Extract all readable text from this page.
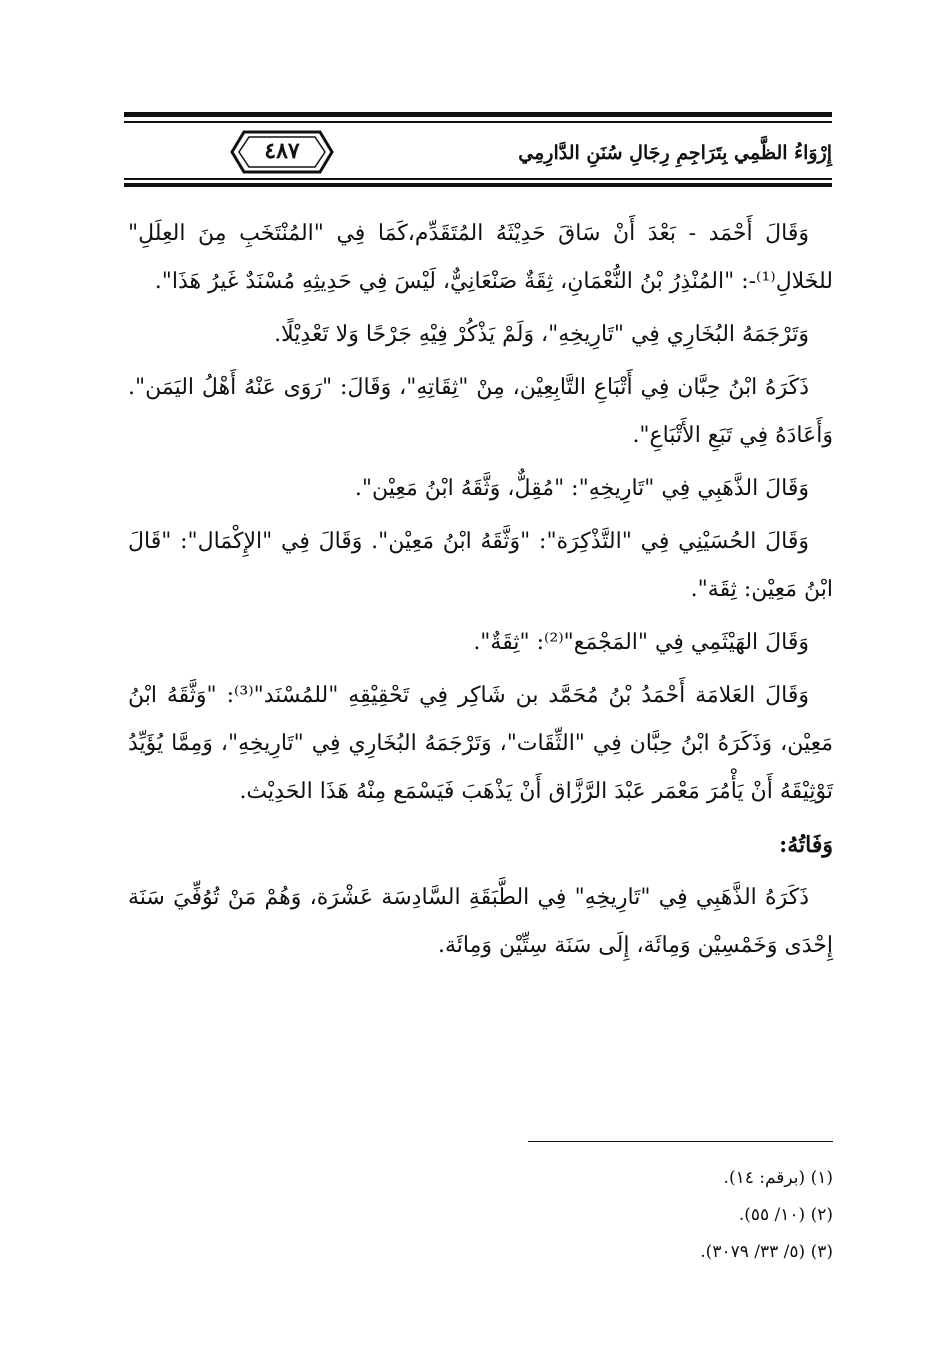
إِرْوَاءُ الظَّمِي بِتَرَاجِمِ رِجَالِ سُنَنِ الدَّارِمِي
٤٨٧

وَقَالَ أَحْمَد - بَعْدَ أَنْ سَاقَ حَدِيْثَهُ المُتَقَدِّم،كَمَا فِي "المُنْتَخَبِ مِنَ العِلَلِ" للخَلالِ⁽¹⁾-: "المُنْذِرُ بْنُ النُّعْمَانِ، ثِقَةٌ صَنْعَانِيٌّ، لَيْسَ فِي حَدِيثِهِ مُسْنَدٌ غَيرُ هَذَا".

وَتَرْجَمَهُ البُخَارِي فِي "تَارِيخِهِ"، وَلَمْ يَذْكُرْ فِيْهِ جَرْحًا وَلا تَعْدِيْلًا.

ذَكَرَهُ ابْنُ حِبَّان فِي أَتْبَاعِ التَّابِعِيْن، مِنْ "ثِقَاتِهِ"، وَقَالَ: "رَوَى عَنْهُ أَهْلُ اليَمَن". وَأَعَادَهُ فِي تَبَعِ الأَتْبَاعِ".

وَقَالَ الذَّهَبِي فِي "تَارِيخِهِ": "مُقِلٌّ، وَثَّقَهُ ابْنُ مَعِيْن".

وَقَالَ الحُسَيْنِي فِي "التَّذْكِرَة": "وَثَّقَهُ ابْنُ مَعِيْن". وَقَالَ فِي "الإِكْمَال": "قَالَ ابْنُ مَعِيْن: ثِقَة".

وَقَالَ الهَيْثَمِي فِي "المَجْمَع"⁽²⁾: "ثِقَةٌ".

وَقَالَ العَلامَة أَحْمَدُ بْنُ مُحَمَّد بن شَاكِر فِي تَحْقِيْقِهِ "للمُسْنَد"⁽³⁾: "وَثَّقَهُ ابْنُ مَعِيْن، وَذَكَرَهُ ابْنُ حِبَّان فِي "الثِّقَات"، وَتَرْجَمَهُ البُخَارِي فِي "تَارِيخِهِ"، وَمِمَّا يُؤَيِّدُ تَوْثِيْقَهُ أَنْ يَأْمُرَ مَعْمَر عَبْدَ الرَّزَّاق أَنْ يَذْهَبَ فَيَسْمَع مِنْهُ هَذَا الحَدِيْث.

وَفَاتُهُ:

ذَكَرَهُ الذَّهَبِي فِي "تَارِيخِهِ" فِي الطَّبَقَةِ السَّادِسَة عَشْرَة، وَهُمْ مَنْ تُوُفِّيَ سَنَة إِحْدَى وَخَمْسِيْن وَمِائَة، إِلَى سَنَة سِتِّيْن وَمِائَة.

(١) (برقم: ١٤).

(٢) (١٠/ ٥٥).

(٣) (٥/ ٣٣/ ٣٠٧٩).
